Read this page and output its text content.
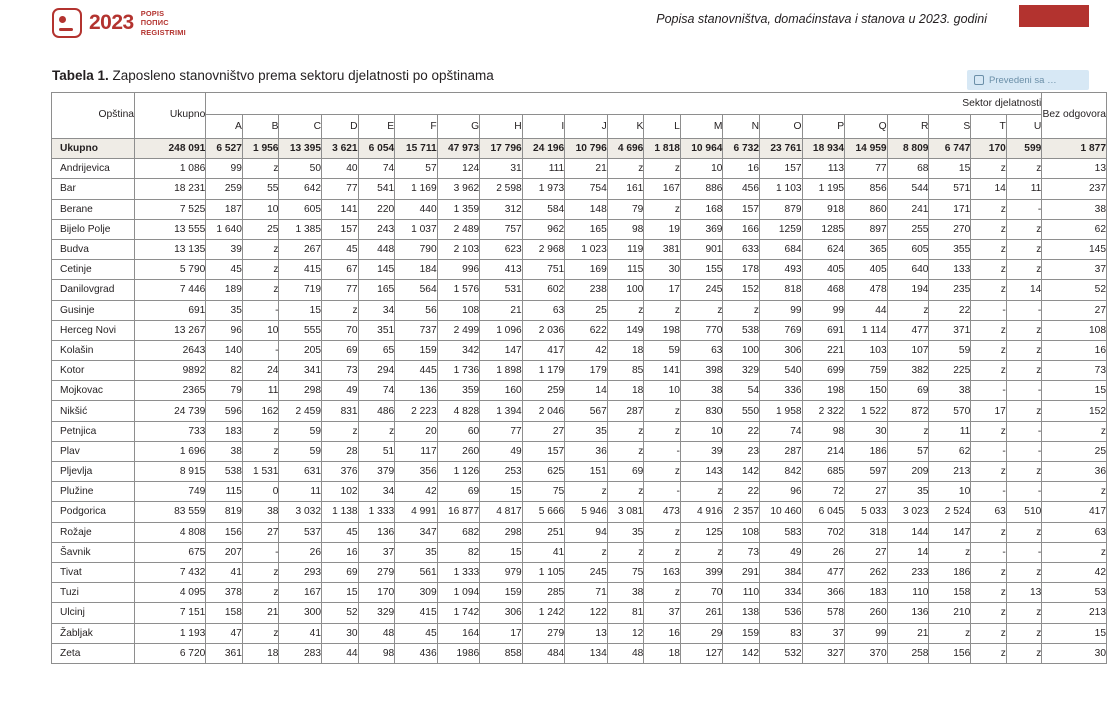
2023 POPIS
ПОПИС
REGISTRIMI
Popisa stanovništva, domaćinstava i stanova u 2023. godini
Prevedeni sa …
Tabela 1. Zaposleno stanovništvo prema sektoru djelatnosti po opštinama
Opština	Ukupno	Sektor djelatnosti																					Bez odgovora
		A	B	C	D	E	F	G	H	I	J	K	L	M	N	O	P	Q	R	S	T	U	
Ukupno	248 091	6 527	1 956	13 395	3 621	6 054	15 711	47 973	17 796	24 196	10 796	4 696	1 818	10 964	6 732	23 761	18 934	14 959	8 809	6 747	170	599	1 877
Andrijevica	1 086	99	z	50	40	74	57	124	31	111	21	z	z	10	16	157	113	77	68	15	z	z	13
Bar	18 231	259	55	642	77	541	1 169	3 962	2 598	1 973	754	161	167	886	456	1 103	1 195	856	544	571	14	11	237
Berane	7 525	187	10	605	141	220	440	1 359	312	584	148	79	z	168	157	879	918	860	241	171	z	-	38
Bijelo Polje	13 555	1 640	25	1 385	157	243	1 037	2 489	757	962	165	98	19	369	166	1259	1285	897	255	270	z	z	62
Budva	13 135	39	z	267	45	448	790	2 103	623	2 968	1 023	119	381	901	633	684	624	365	605	355	z	z	145
Cetinje	5 790	45	z	415	67	145	184	996	413	751	169	115	30	155	178	493	405	405	640	133	z	z	37
Danilovgrad	7 446	189	z	719	77	165	564	1 576	531	602	238	100	17	245	152	818	468	478	194	235	z	14	52
Gusinje	691	35	-	15	z	34	56	108	21	63	25	z	z	z	z	99	99	44	z	22	-	-	27
Herceg Novi	13 267	96	10	555	70	351	737	2 499	1 096	2 036	622	149	198	770	538	769	691	1 114	477	371	z	z	108
Kolašin	2643	140	-	205	69	65	159	342	147	417	42	18	59	63	100	306	221	103	107	59	z	z	16
Kotor	9892	82	24	341	73	294	445	1 736	1 898	1 179	179	85	141	398	329	540	699	759	382	225	z	z	73
Mojkovac	2365	79	11	298	49	74	136	359	160	259	14	18	10	38	54	336	198	150	69	38	-	-	15
Nikšić	24 739	596	162	2 459	831	486	2 223	4 828	1 394	2 046	567	287	z	830	550	1 958	2 322	1 522	872	570	17	z	152
Petnjica	733	183	z	59	z	z	20	60	77	27	35	z	z	10	22	74	98	30	z	11	z	-	z
Plav	1 696	38	z	59	28	51	117	260	49	157	36	z	-	39	23	287	214	186	57	62	-	-	25
Pljevlja	8 915	538	1 531	631	376	379	356	1 126	253	625	151	69	z	143	142	842	685	597	209	213	z	z	36
Plužine	749	115	0	11	102	34	42	69	15	75	z	z	-	z	22	96	72	27	35	10	-	-	z
Podgorica	83 559	819	38	3 032	1 138	1 333	4 991	16 877	4 817	5 666	5 946	3 081	473	4 916	2 357	10 460	6 045	5 033	3 023	2 524	63	510	417
Rožaje	4 808	156	27	537	45	136	347	682	298	251	94	35	z	125	108	583	702	318	144	147	z	z	63
Šavnik	675	207	-	26	16	37	35	82	15	41	z	z	z	z	73	49	26	27	14	z	-	-	z
Tivat	7 432	41	z	293	69	279	561	1 333	979	1 105	245	75	163	399	291	384	477	262	233	186	z	z	42
Tuzi	4 095	378	z	167	15	170	309	1 094	159	285	71	38	z	70	110	334	366	183	110	158	z	13	53
Ulcinj	7 151	158	21	300	52	329	415	1 742	306	1 242	122	81	37	261	138	536	578	260	136	210	z	z	213
Žabljak	1 193	47	z	41	30	48	45	164	17	279	13	12	16	29	159	83	37	99	21	z	z	z	15
Zeta	6 720	361	18	283	44	98	436	1986	858	484	134	48	18	127	142	532	327	370	258	156	z	z	30
